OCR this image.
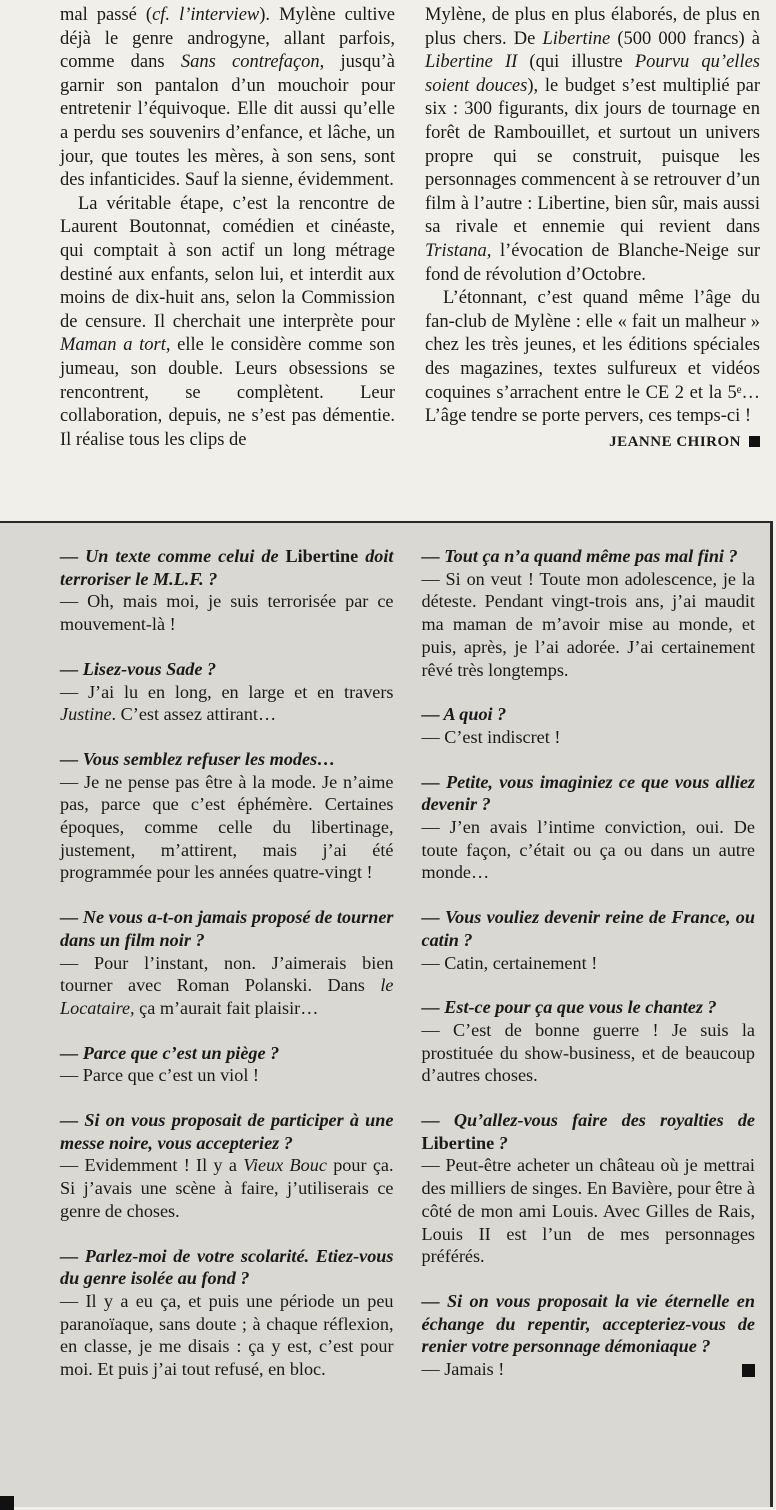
mal passé (cf. l’interview). Mylène cultive déjà le genre androgyne, allant parfois, comme dans Sans contrefaçon, jusqu’à garnir son pantalon d’un mouchoir pour entretenir l’équivoque. Elle dit aussi qu’elle a perdu ses souvenirs d’enfance, et lâche, un jour, que toutes les mères, à son sens, sont des infanticides. Sauf la sienne, évidemment.

La véritable étape, c’est la rencontre de Laurent Boutonnat, comédien et cinéaste, qui comptait à son actif un long métrage destiné aux enfants, selon lui, et interdit aux moins de dix-huit ans, selon la Commission de censure. Il cherchait une interprète pour Maman a tort, elle le considère comme son jumeau, son double. Leurs obsessions se rencontrent, se complètent. Leur collaboration, depuis, ne s’est pas démentie. Il réalise tous les clips de

Mylène, de plus en plus élaborés, de plus en plus chers. De Libertine (500 000 francs) à Libertine II (qui illustre Pourvu qu’elles soient douces), le budget s’est multiplié par six : 300 figurants, dix jours de tournage en forêt de Rambouillet, et surtout un univers propre qui se construit, puisque les personnages commencent à se retrouver d’un film à l’autre : Libertine, bien sûr, mais aussi sa rivale et ennemie qui revient dans Tristana, l’évocation de Blanche-Neige sur fond de révolution d’Octobre.

L’étonnant, c’est quand même l’âge du fan-club de Mylène : elle « fait un malheur » chez les très jeunes, et les éditions spéciales des magazines, textes sulfureux et vidéos coquines s’arrachent entre le CE 2 et la 5ᵉ… L’âge tendre se porte pervers, ces temps-ci !

JEANNE CHIRON
— Un texte comme celui de Libertine doit terroriser le M.L.F. ?
— Oh, mais moi, je suis terrorisée par ce mouvement-là !
— Lisez-vous Sade ?
— J’ai lu en long, en large et en travers Justine. C’est assez attirant…
— Vous semblez refuser les modes…
— Je ne pense pas être à la mode. Je n’aime pas, parce que c’est éphémère. Certaines époques, comme celle du libertinage, justement, m’attirent, mais j’ai été programmée pour les années quatre-vingt !
— Ne vous a-t-on jamais proposé de tourner dans un film noir ?
— Pour l’instant, non. J’aimerais bien tourner avec Roman Polanski. Dans le Locataire, ça m’aurait fait plaisir…
— Parce que c’est un piège ?
— Parce que c’est un viol !
— Si on vous proposait de participer à une messe noire, vous accepteriez ?
— Evidemment ! Il y a Vieux Bouc pour ça. Si j’avais une scène à faire, j’utiliserais ce genre de choses.
— Parlez-moi de votre scolarité. Etiez-vous du genre isolée au fond ?
— Il y a eu ça, et puis une période un peu paranoïaque, sans doute ; à chaque réflexion, en classe, je me disais : ça y est, c’est pour moi. Et puis j’ai tout refusé, en bloc.
— Tout ça n’a quand même pas mal fini ?
— Si on veut ! Toute mon adolescence, je la déteste. Pendant vingt-trois ans, j’ai maudit ma maman de m’avoir mise au monde, et puis, après, je l’ai adorée. J’ai certainement rêvé très longtemps.
— A quoi ?
— C’est indiscret !
— Petite, vous imaginiez ce que vous alliez devenir ?
— J’en avais l’intime conviction, oui. De toute façon, c’était ou ça ou dans un autre monde…
— Vous vouliez devenir reine de France, ou catin ?
— Catin, certainement !
— Est-ce pour ça que vous le chantez ?
— C’est de bonne guerre ! Je suis la prostituée du show-business, et de beaucoup d’autres choses.
— Qu’allez-vous faire des royalties de Libertine ?
— Peut-être acheter un château où je mettrai des milliers de singes. En Bavière, pour être à côté de mon ami Louis. Avec Gilles de Rais, Louis II est l’un de mes personnages préférés.
— Si on vous proposait la vie éternelle en échange du repentir, accepteriez-vous de renier votre personnage démoniaque ?
— Jamais !
